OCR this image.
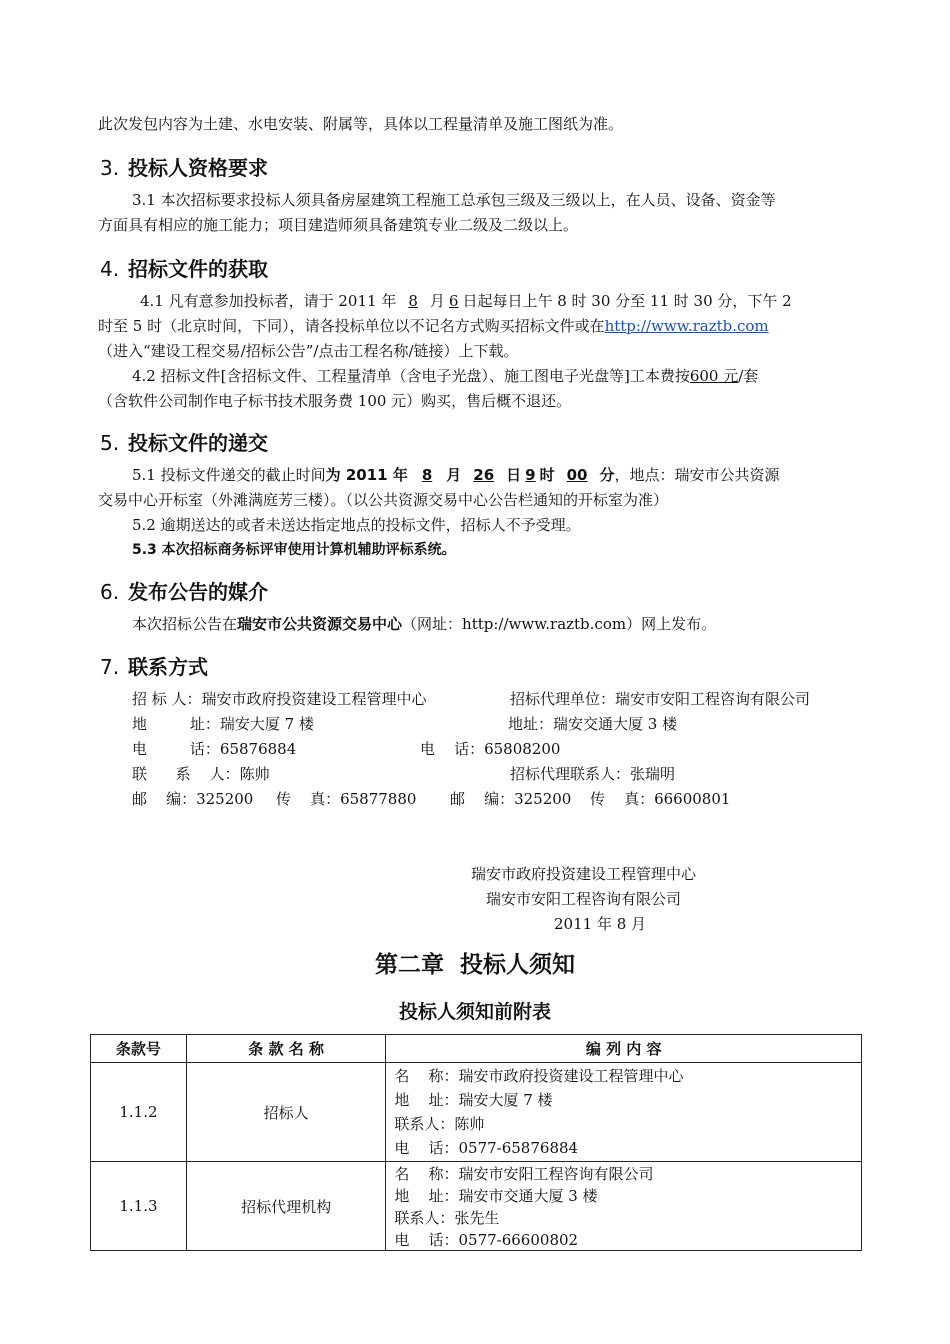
此次发包内容为土建、水电安装、附属等，具体以工程量清单及施工图纸为准。
3. 投标人资格要求
3.1 本次招标要求投标人须具备房屋建筑工程施工总承包三级及三级以上，在人员、设备、资金等
方面具有相应的施工能力；项目建造师须具备建筑专业二级及二级以上。
4. 招标文件的获取
4.1 凡有意参加投标者，请于 2011 年 8 月 6 日起每日上午 8 时 30 分至 11 时 30 分，下午 2
时至 5 时（北京时间，下同），请各投标单位以不记名方式购买招标文件或在http://www.raztb.com
（进入“建设工程交易/招标公告”/点击工程名称/链接）上下载。
4.2 招标文件[含招标文件、工程量清单（含电子光盘）、施工图电子光盘等]工本费按600 元/套
（含软件公司制作电子标书技术服务费 100 元）购买，售后概不退还。
5. 投标文件的递交
5.1 投标文件递交的截止时间为 2011 年 8 月 26 日 9 时 00 分，地点：瑞安市公共资源
交易中心开标室（外滩满庭芳三楼）。（以公共资源交易中心公告栏通知的开标室为准）
5.2 逾期送达的或者未送达指定地点的投标文件，招标人不予受理。
5.3 本次招标商务标评审使用计算机辅助评标系统。
6. 发布公告的媒介
本次招标公告在瑞安市公共资源交易中心（网址：http://www.raztb.com）网上发布。
7. 联系方式
招 标 人：瑞安市政府投资建设工程管理中心	招标代理单位：瑞安市安阳工程咨询有限公司
地         址：瑞安大厦 7 楼	地址：瑞安交通大厦 3 楼
电         话：65876884	电    话：65808200
联      系    人：陈帅	招标代理联系人：张瑞明
邮    编：325200 传    真：65877880 邮    编：325200 传    真：66600801
瑞安市政府投资建设工程管理中心
瑞安市安阳工程咨询有限公司
2011 年 8 月
第二章  投标人须知
投标人须知前附表
条款号	条 款 名 称	编 列 内 容
1.1.2	招标人	名    称：瑞安市政府投资建设工程管理中心
地    址：瑞安大厦 7 楼
联系人：陈帅
电    话：0577-65876884

1.1.3	招标代理机构	名    称：瑞安市安阳工程咨询有限公司
地    址：瑞安市交通大厦 3 楼
联系人：张先生
电    话：0577-66600802
